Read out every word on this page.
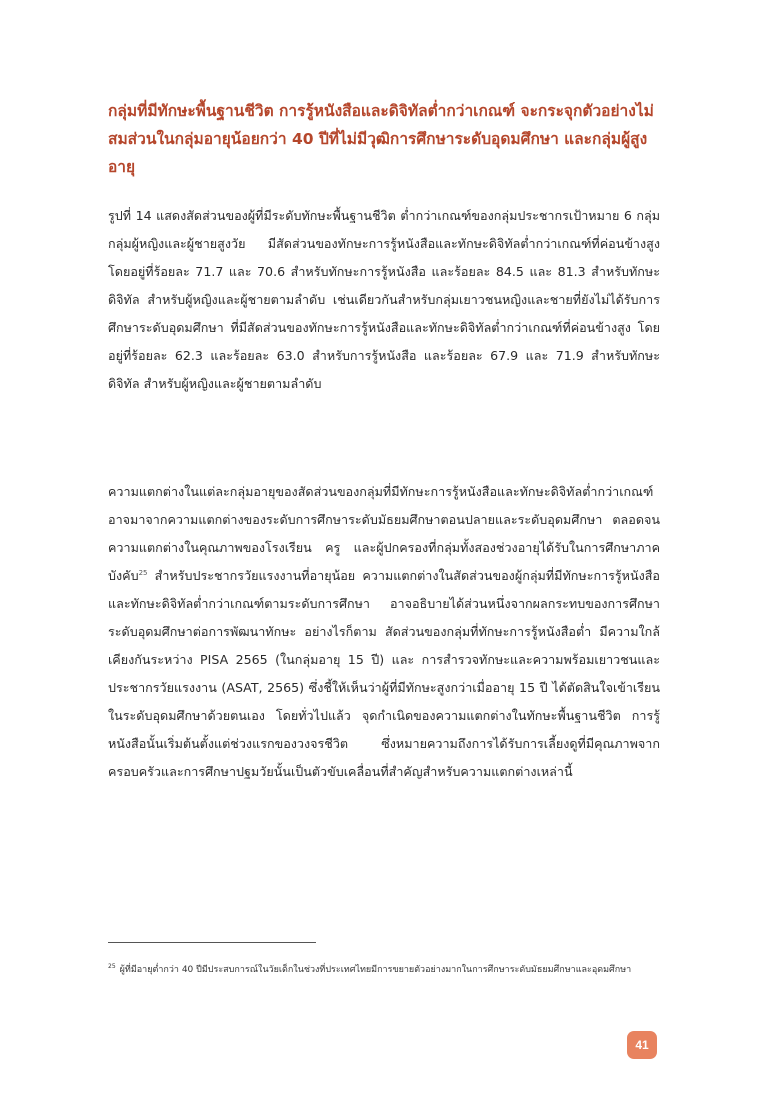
กลุ่มที่มีทักษะพื้นฐานชีวิต การรู้หนังสือและดิจิทัลต่ำกว่าเกณฑ์ จะกระจุกตัวอย่างไม่สมส่วนในกลุ่มอายุน้อยกว่า 40 ปีที่ไม่มีวุฒิการศึกษาระดับอุดมศึกษา และกลุ่มผู้สูงอายุ

รูปที่ 14 แสดงสัดส่วนของผู้ที่มีระดับทักษะพื้นฐานชีวิต ต่ำกว่าเกณฑ์ของกลุ่มประชากรเป้าหมาย 6 กลุ่ม กลุ่มผู้หญิงและผู้ชายสูงวัย มีสัดส่วนของทักษะการรู้หนังสือและทักษะดิจิทัลต่ำกว่าเกณฑ์ที่ค่อนข้างสูง โดยอยู่ที่ร้อยละ 71.7 และ 70.6 สำหรับทักษะการรู้หนังสือ และร้อยละ 84.5 และ 81.3 สำหรับทักษะดิจิทัล สำหรับผู้หญิงและผู้ชายตามลำดับ เช่นเดียวกันสำหรับกลุ่มเยาวชนหญิงและชายที่ยังไม่ได้รับการศึกษาระดับอุดมศึกษา ที่มีสัดส่วนของทักษะการรู้หนังสือและทักษะดิจิทัลต่ำกว่าเกณฑ์ที่ค่อนข้างสูง โดยอยู่ที่ร้อยละ 62.3 และร้อยละ 63.0 สำหรับการรู้หนังสือ และร้อยละ 67.9 และ 71.9 สำหรับทักษะดิจิทัล สำหรับผู้หญิงและผู้ชายตามลำดับ

ความแตกต่างในแต่ละกลุ่มอายุของสัดส่วนของกลุ่มที่มีทักษะการรู้หนังสือและทักษะดิจิทัลต่ำกว่าเกณฑ์ อาจมาจากความแตกต่างของระดับการศึกษาระดับมัธยมศึกษาตอนปลายและระดับอุดมศึกษา ตลอดจนความแตกต่างในคุณภาพของโรงเรียน ครู และผู้ปกครองที่กลุ่มทั้งสองช่วงอายุได้รับในการศึกษาภาคบังคับ$^{25}$ สำหรับประชากรวัยแรงงานที่อายุน้อย ความแตกต่างในสัดส่วนของผู้กลุ่มที่มีทักษะการรู้หนังสือและทักษะดิจิทัลต่ำกว่าเกณฑ์ตามระดับการศึกษา อาจอธิบายได้ส่วนหนึ่งจากผลกระทบของการศึกษาระดับอุดมศึกษาต่อการพัฒนาทักษะ อย่างไรก็ตาม สัดส่วนของกลุ่มที่ทักษะการรู้หนังสือต่ำ มีความใกล้เคียงกันระหว่าง PISA 2565 (ในกลุ่มอายุ 15 ปี) และ การสำรวจทักษะและความพร้อมเยาวชนและประชากรวัยแรงงาน (ASAT, 2565) ซึ่งชี้ให้เห็นว่าผู้ที่มีทักษะสูงกว่าเมื่ออายุ 15 ปี ได้ตัดสินใจเข้าเรียนในระดับอุดมศึกษาด้วยตนเอง โดยทั่วไปแล้ว จุดกำเนิดของความแตกต่างในทักษะพื้นฐานชีวิต การรู้หนังสือนั้นเริ่มต้นตั้งแต่ช่วงแรกของวงจรชีวิต ซึ่งหมายความถึงการได้รับการเลี้ยงดูที่มีคุณภาพจากครอบครัวและการศึกษาปฐมวัยนั้นเป็นตัวขับเคลื่อนที่สำคัญสำหรับความแตกต่างเหล่านี้

$^{25}$ ผู้ที่มีอายุต่ำกว่า 40 ปีมีประสบการณ์ในวัยเด็กในช่วงที่ประเทศไทยมีการขยายตัวอย่างมากในการศึกษาระดับมัธยมศึกษาและอุดมศึกษา

41
